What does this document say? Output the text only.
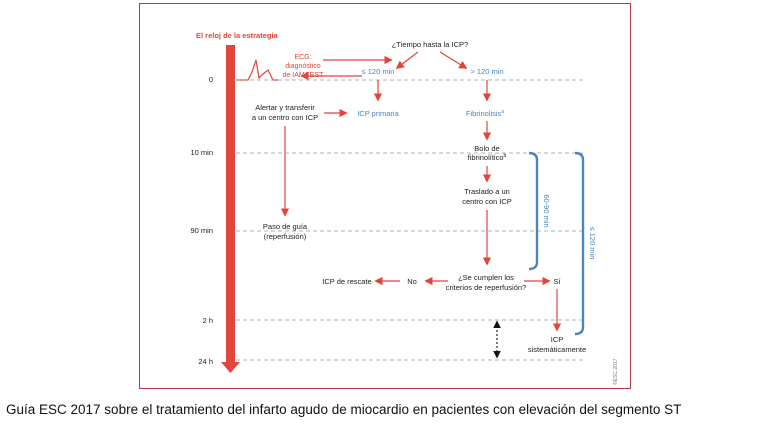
El reloj de la estrategia
0
10 min
90 min
2 h
24 h
ECG:
diagnóstico
de IAMCEST
¿Tiempo hasta la ICP?
≤ 120 min	> 120 min
Alertar y transferir
a un centro con ICP	ICP primaria	Fibrinolisis$^a$
Bolo de
fibrinolítico$^b$
Traslado a un
centro con ICP
Paso de guía
(reperfusión)
¿Se cumplen los
criterios de reperfusión?
No	Sí
ICP de rescate
ICP
sistemáticamente
60-90 min
≤ 120 min
©ESC 2017
Guía ESC 2017 sobre el tratamiento del infarto agudo de miocardio en pacientes con elevación del segmento ST
